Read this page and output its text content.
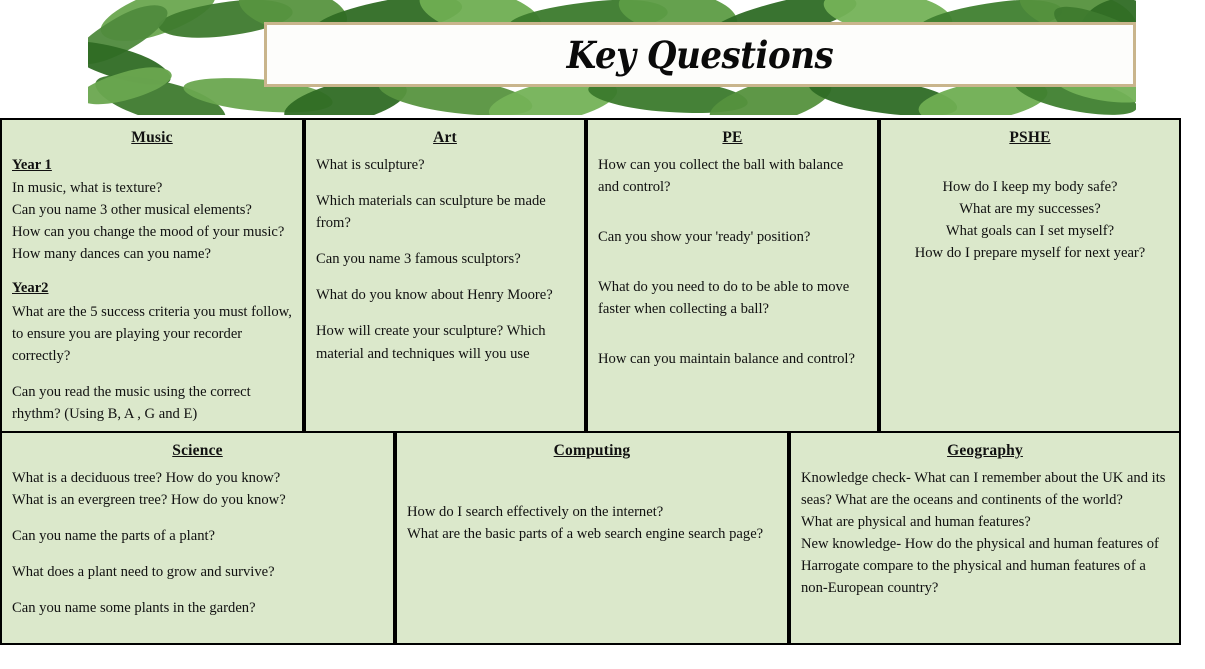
Key Questions
Music
Year 1
In music, what is texture?
Can you name 3 other musical elements?
How can you change the mood of your music?
How many dances can you name?
Year2
What are the 5 success criteria you must follow, to ensure you are playing your recorder correctly?
Can you read the music using the correct rhythm? (Using B, A , G and E)
Art
What is sculpture?
Which materials can sculpture be made from?
Can you name 3 famous sculptors?
What do you know about Henry Moore?
How will create your sculpture? Which material and techniques will you use
PE
How can you collect the ball with balance and control?
Can you show your 'ready' position?
What do you need to do to be able to move faster when collecting a ball?
How can you maintain balance and control?
PSHE
How do I keep my body safe?
What are my successes?
What goals can I set myself?
How do I prepare myself for next year?
Science
What is a deciduous tree? How do you know?
What is an evergreen tree? How do you know?
Can you name the parts of a plant?
What does a plant need to grow and survive?
Can you name some plants in the garden?
Computing
How do I search effectively on the internet?
What are the basic parts of a web search engine search page?
Geography
Knowledge check- What can I remember about the UK and its seas? What are the oceans and continents of the world?
What are physical and human features?
New knowledge- How do the physical and human features of Harrogate compare to the physical and human features of a non-European country?
